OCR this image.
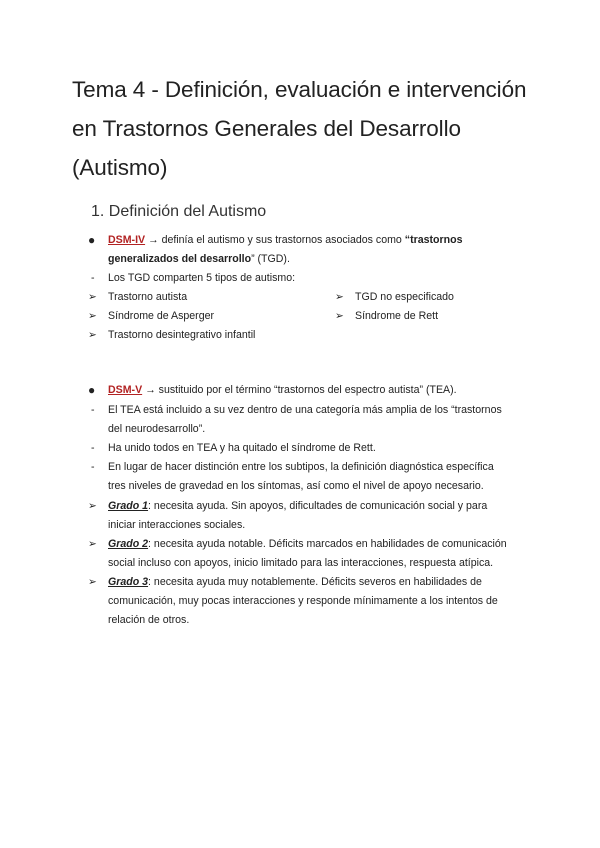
Tema 4 - Definición, evaluación e intervención en Trastornos Generales del Desarrollo (Autismo)
1. Definición del Autismo
● DSM-IV → definía el autismo y sus trastornos asociados como “trastornos
generalizados del desarrollo” (TGD).
- Los TGD comparten 5 tipos de autismo:
➢ Trastorno autista
➢ Síndrome de Asperger
➢ Trastorno desintegrativo infantil
➢ TGD no especificado
➢ Síndrome de Rett
● DSM-V → sustituido por el término “trastornos del espectro autista” (TEA).
- El TEA está incluido a su vez dentro de una categoría más amplia de los “trastornos
del neurodesarrollo”.
- Ha unido todos en TEA y ha quitado el síndrome de Rett.
- En lugar de hacer distinción entre los subtipos, la definición diagnóstica específica
tres niveles de gravedad en los síntomas, así como el nivel de apoyo necesario.
➢ Grado 1: necesita ayuda. Sin apoyos, dificultades de comunicación social y para
iniciar interacciones sociales.
➢ Grado 2: necesita ayuda notable. Déficits marcados en habilidades de comunicación
social incluso con apoyos, inicio limitado para las interacciones, respuesta atípica.
➢ Grado 3: necesita ayuda muy notablemente. Déficits severos en habilidades de
comunicación, muy pocas interacciones y responde mínimamente a los intentos de
relación de otros.
